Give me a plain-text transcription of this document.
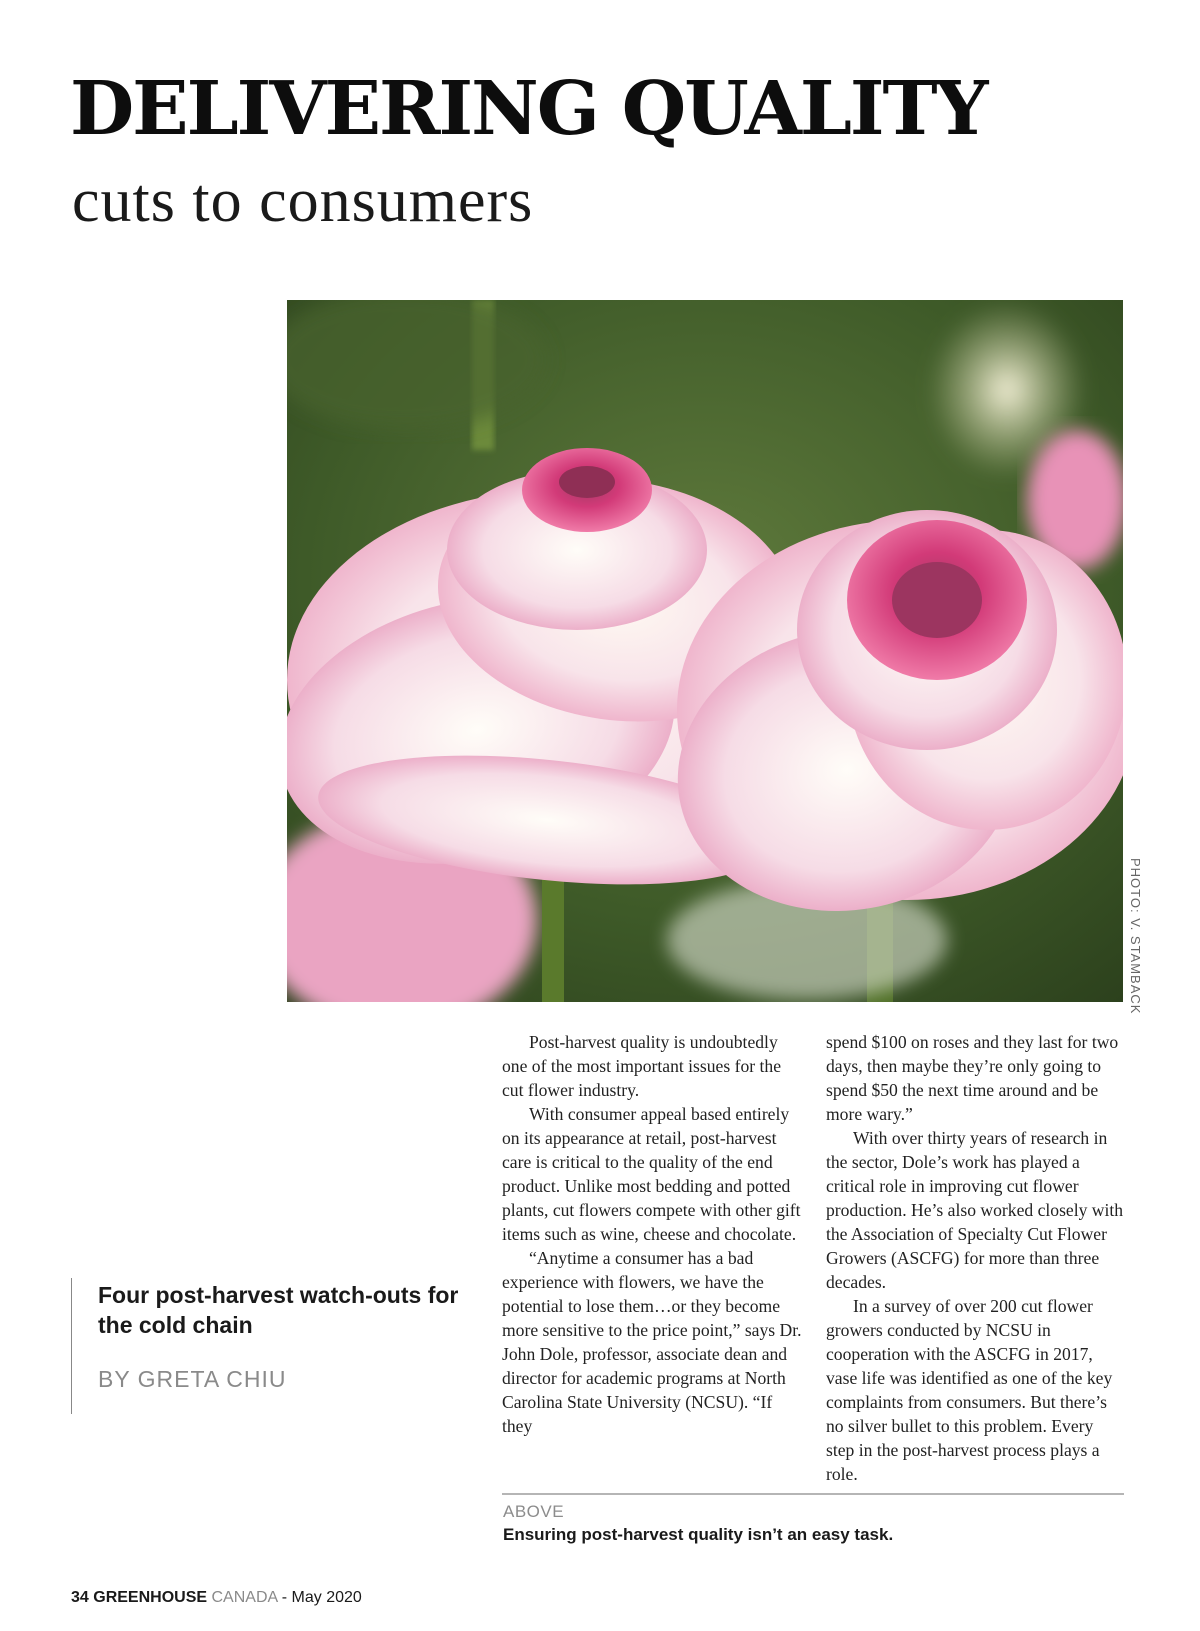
DELIVERING QUALITY
cuts to consumers
PHOTO: V. STAMBACK

Four post-harvest watch-outs for the cold chain

BY GRETA CHIU

Post-harvest quality is undoubtedly one of the most important issues for the cut flower industry.

With consumer appeal based entirely on its appearance at retail, post-harvest care is critical to the quality of the end product. Unlike most bedding and potted plants, cut flowers compete with other gift items such as wine, cheese and chocolate.

“Anytime a consumer has a bad experience with flowers, we have the potential to lose them…or they become more sensitive to the price point,” says Dr. John Dole, professor, associate dean and director for academic programs at North Carolina State University (NCSU). “If they

spend $100 on roses and they last for two days, then maybe they’re only going to spend $50 the next time around and be more wary.”

With over thirty years of research in the sector, Dole’s work has played a critical role in improving cut flower production. He’s also worked closely with the Association of Specialty Cut Flower Growers (ASCFG) for more than three decades.

In a survey of over 200 cut flower growers conducted by NCSU in cooperation with the ASCFG in 2017, vase life was identified as one of the key complaints from consumers. But there’s no silver bullet to this problem. Every step in the post-harvest process plays a role.

ABOVE

Ensuring post-harvest quality isn’t an easy task.

34 GREENHOUSE CANADA - May 2020
